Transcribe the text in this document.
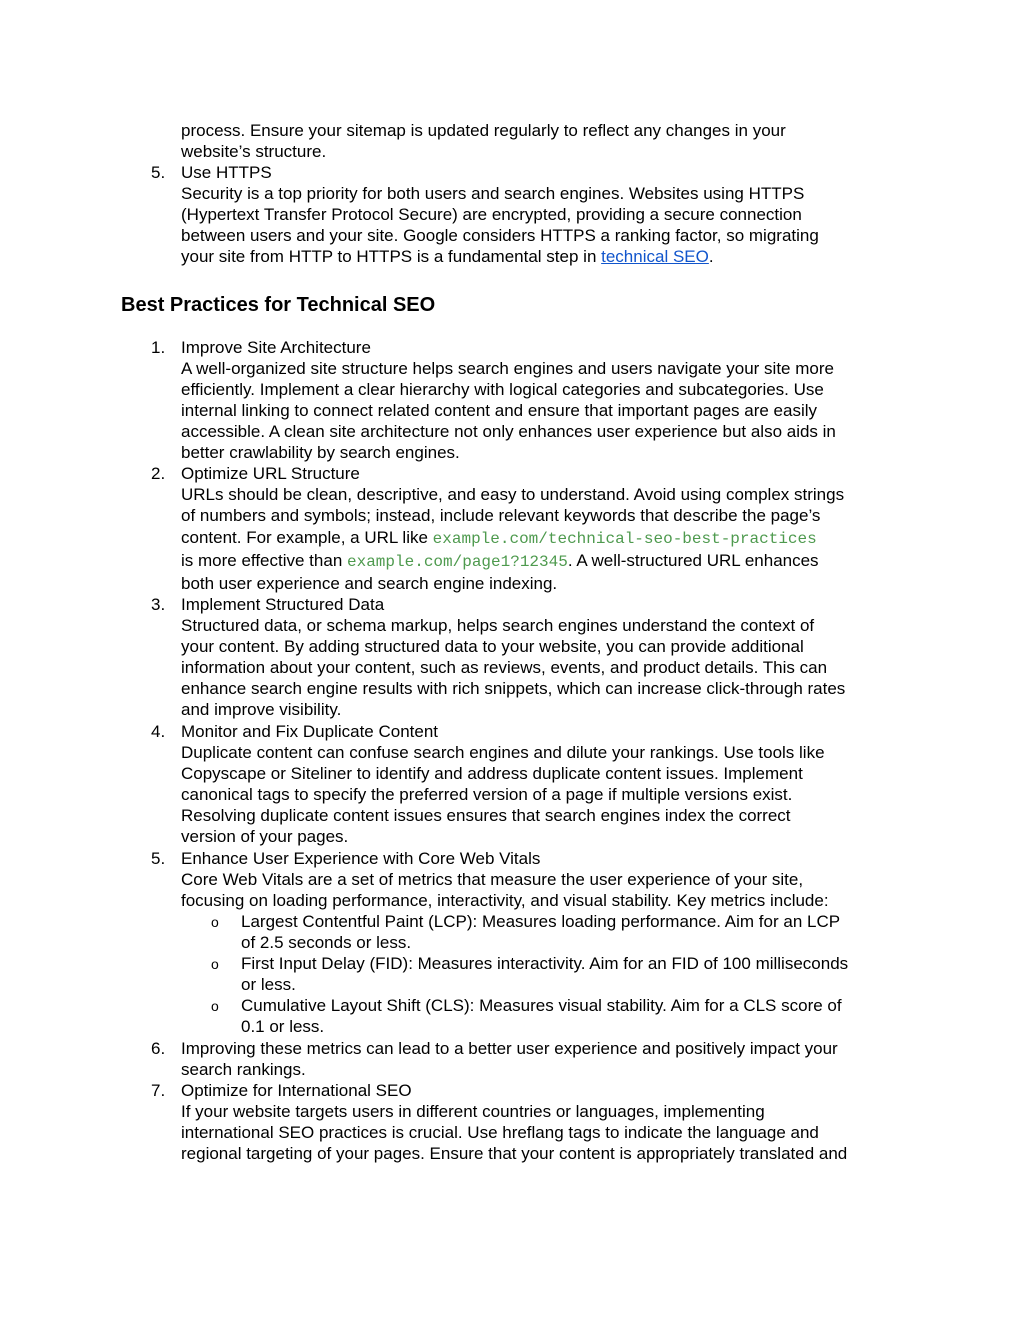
process. Ensure your sitemap is updated regularly to reflect any changes in your
website’s structure.
5. Use HTTPS
Security is a top priority for both users and search engines. Websites using HTTPS
(Hypertext Transfer Protocol Secure) are encrypted, providing a secure connection
between users and your site. Google considers HTTPS a ranking factor, so migrating
your site from HTTP to HTTPS is a fundamental step in technical SEO.
Best Practices for Technical SEO
1. Improve Site Architecture
A well-organized site structure helps search engines and users navigate your site more
efficiently. Implement a clear hierarchy with logical categories and subcategories. Use
internal linking to connect related content and ensure that important pages are easily
accessible. A clean site architecture not only enhances user experience but also aids in
better crawlability by search engines.
2. Optimize URL Structure
URLs should be clean, descriptive, and easy to understand. Avoid using complex strings
of numbers and symbols; instead, include relevant keywords that describe the page’s
content. For example, a URL like example.com/technical-seo-best-practices
is more effective than example.com/page1?12345. A well-structured URL enhances
both user experience and search engine indexing.
3. Implement Structured Data
Structured data, or schema markup, helps search engines understand the context of
your content. By adding structured data to your website, you can provide additional
information about your content, such as reviews, events, and product details. This can
enhance search engine results with rich snippets, which can increase click-through rates
and improve visibility.
4. Monitor and Fix Duplicate Content
Duplicate content can confuse search engines and dilute your rankings. Use tools like
Copyscape or Siteliner to identify and address duplicate content issues. Implement
canonical tags to specify the preferred version of a page if multiple versions exist.
Resolving duplicate content issues ensures that search engines index the correct
version of your pages.
5. Enhance User Experience with Core Web Vitals
Core Web Vitals are a set of metrics that measure the user experience of your site,
focusing on loading performance, interactivity, and visual stability. Key metrics include:
o Largest Contentful Paint (LCP): Measures loading performance. Aim for an LCP
of 2.5 seconds or less.
o First Input Delay (FID): Measures interactivity. Aim for an FID of 100 milliseconds
or less.
o Cumulative Layout Shift (CLS): Measures visual stability. Aim for a CLS score of
0.1 or less.
6. Improving these metrics can lead to a better user experience and positively impact your
search rankings.
7. Optimize for International SEO
If your website targets users in different countries or languages, implementing
international SEO practices is crucial. Use hreflang tags to indicate the language and
regional targeting of your pages. Ensure that your content is appropriately translated and
